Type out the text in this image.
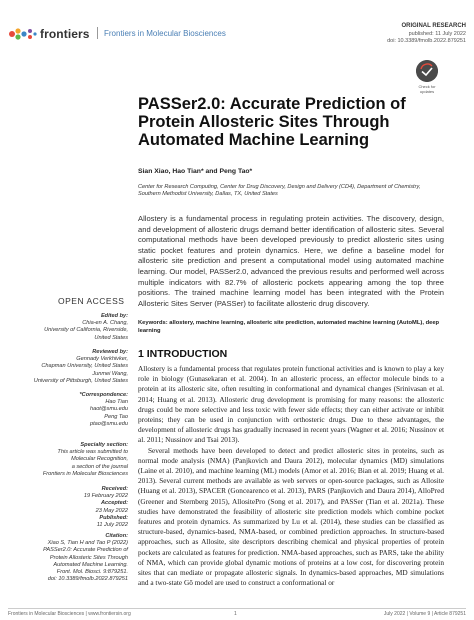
frontiers Frontiers in Molecular Biosciences
ORIGINAL RESEARCH
published: 11 July 2022
doi: 10.3389/fmolb.2022.879251
Check for updates
PASSer2.0: Accurate Prediction of Protein Allosteric Sites Through Automated Machine Learning
Sian Xiao, Hao Tian* and Peng Tao*
Center for Research Computing, Center for Drug Discovery, Design and Delivery (CD4), Department of Chemistry, Southern Methodist University, Dallas, TX, United States
Allostery is a fundamental process in regulating protein activities. The discovery, design, and development of allosteric drugs demand better identification of allosteric sites. Several computational methods have been developed previously to predict allosteric sites using static pocket features and protein dynamics. Here, we define a baseline model for allosteric site prediction and present a computational model using automated machine learning. Our model, PASSer2.0, advanced the previous results and performed well across multiple indicators with 82.7% of allosteric pockets appearing among the top three positions. The trained machine learning model has been integrated with the Protein Allosteric Sites Server (PASSer) to facilitate allosteric drug discovery.
Keywords: allostery, machine learning, allosteric site prediction, automated machine learning (AutoML), deep learning
OPEN ACCESS
Edited by:
Chia-en A. Chang,
University of California, Riverside,
United States
Reviewed by:
Gennady Verkhivker,
Chapman University, United States
Junmei Wang,
University of Pittsburgh, United States
*Correspondence:
Hao Tian
haot@smu.edu
Peng Tao
ptao@smu.edu
Specialty section:
This article was submitted to
Molecular Recognition,
a section of the journal
Frontiers in Molecular Biosciences
Received:
19 February 2022
Accepted:
23 May 2022
Published:
11 July 2022
Citation:
Xiao S, Tian H and Tao P (2022)
PASSer2.0: Accurate Prediction of
Protein Allosteric Sites Through
Automated Machine Learning.
Front. Mol. Biosci. 9:879251.
doi: 10.3389/fmolb.2022.879251
1 INTRODUCTION

Allostery is a fundamental process that regulates protein functional activities and is known to play a key role in biology (Gunasekaran et al. 2004). In an allosteric process, an effector molecule binds to a protein at its allosteric site, often resulting in conformational and dynamical changes (Srinivasan et al. 2014; Huang et al. 2013). Allosteric drug development is promising for many reasons: the allosteric drugs could be more selective and less toxic with fewer side effects; they can either activate or inhibit proteins; they can be used in conjunction with orthosteric drugs. Due to these advantages, the development of allosteric drugs has gradually increased in recent years (Wagner et al. 2016; Nussinov et al. 2011; Nussinov and Tsai 2013).

Several methods have been developed to detect and predict allosteric sites in proteins, such as normal mode analysis (NMA) (Panjkovich and Daura 2012), molecular dynamics (MD) simulations (Laine et al. 2010), and machine learning (ML) models (Amor et al. 2016; Bian et al. 2019; Huang et al. 2013). Several current methods are available as web servers or open-source packages, such as Allosite (Huang et al. 2013), SPACER (Goncearenco et al. 2013), PARS (Panjkovich and Daura 2014), AlloPred (Greener and Sternberg 2015), AllositePro (Song et al. 2017), and PASSer (Tian et al. 2021a). These studies have demonstrated the feasibility of allosteric site prediction models which combine pocket features and protein dynamics. As summarized by Lu et al. (2014), these studies can be classified as structure-based, dynamics-based, NMA-based, or combined prediction approaches. In structure-based approaches, such as Allosite, site descriptors describing chemical and physical properties of protein pockets are calculated as features for prediction. NMA-based approaches, such as PARS, take the ability of NMA, which can provide global dynamic motions of proteins at a low cost, for discovering protein sites that can mediate or propagate allosteric signals. In dynamics-based approaches, MD simulations and a two-state Gō model are used to construct a conformational or

Frontiers in Molecular Biosciences | www.frontiersin.org	1	July 2022 | Volume 9 | Article 879251
